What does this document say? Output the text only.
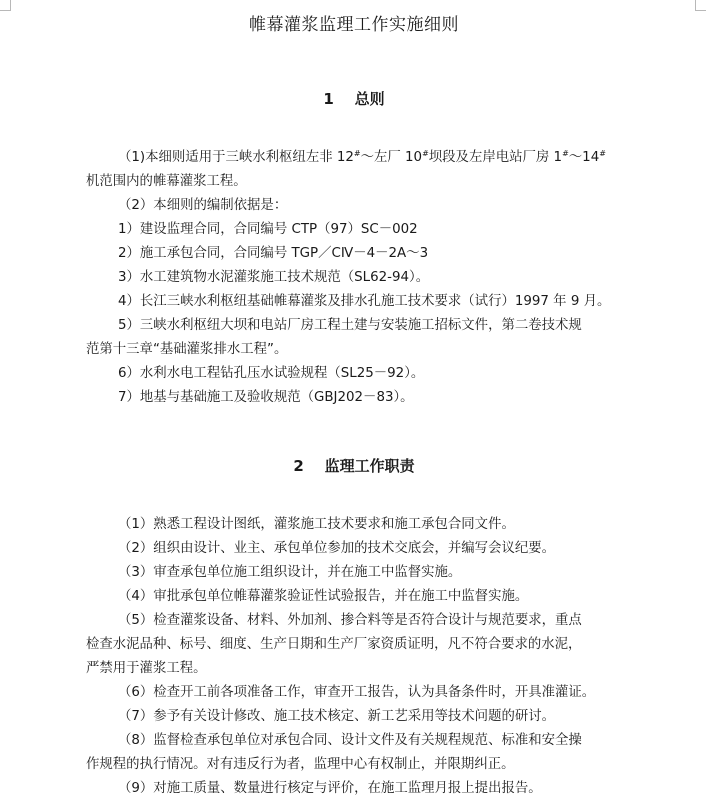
帷幕灌浆监理工作实施细则
1    总则
（1)本细则适用于三峡水利枢纽左非 12#～左厂 10#坝段及左岸电站厂房 1#～14#
机范围内的帷幕灌浆工程。
（2）本细则的编制依据是：
1）建设监理合同，合同编号 CTP（97）SC－002
2）施工承包合同，合同编号 TGP／CⅣ－4－2A～3
3）水工建筑物水泥灌浆施工技术规范（SL62-94）。
4）长江三峡水利枢纽基础帷幕灌浆及排水孔施工技术要求（试行）1997 年 9 月。
5）三峡水利枢纽大坝和电站厂房工程土建与安装施工招标文件，第二卷技术规
范第十三章“基础灌浆排水工程”。
6）水利水电工程钻孔压水试验规程（SL25－92）。
7）地基与基础施工及验收规范（GBJ202－83）。
2    监理工作职责
（1）熟悉工程设计图纸，灌浆施工技术要求和施工承包合同文件。
（2）组织由设计、业主、承包单位参加的技术交底会，并编写会议纪要。
（3）审查承包单位施工组织设计，并在施工中监督实施。
（4）审批承包单位帷幕灌浆验证性试验报告，并在施工中监督实施。
（5）检查灌浆设备、材料、外加剂、掺合料等是否符合设计与规范要求，重点
检查水泥品种、标号、细度、生产日期和生产厂家资质证明，凡不符合要求的水泥，
严禁用于灌浆工程。
（6）检查开工前各项准备工作，审查开工报告，认为具备条件时，开具准灌证。
（7）参予有关设计修改、施工技术核定、新工艺采用等技术问题的研讨。
（8）监督检查承包单位对承包合同、设计文件及有关规程规范、标准和安全操
作规程的执行情况。对有违反行为者，监理中心有权制止，并限期纠正。
（9）对施工质量、数量进行核定与评价，在施工监理月报上提出报告。
